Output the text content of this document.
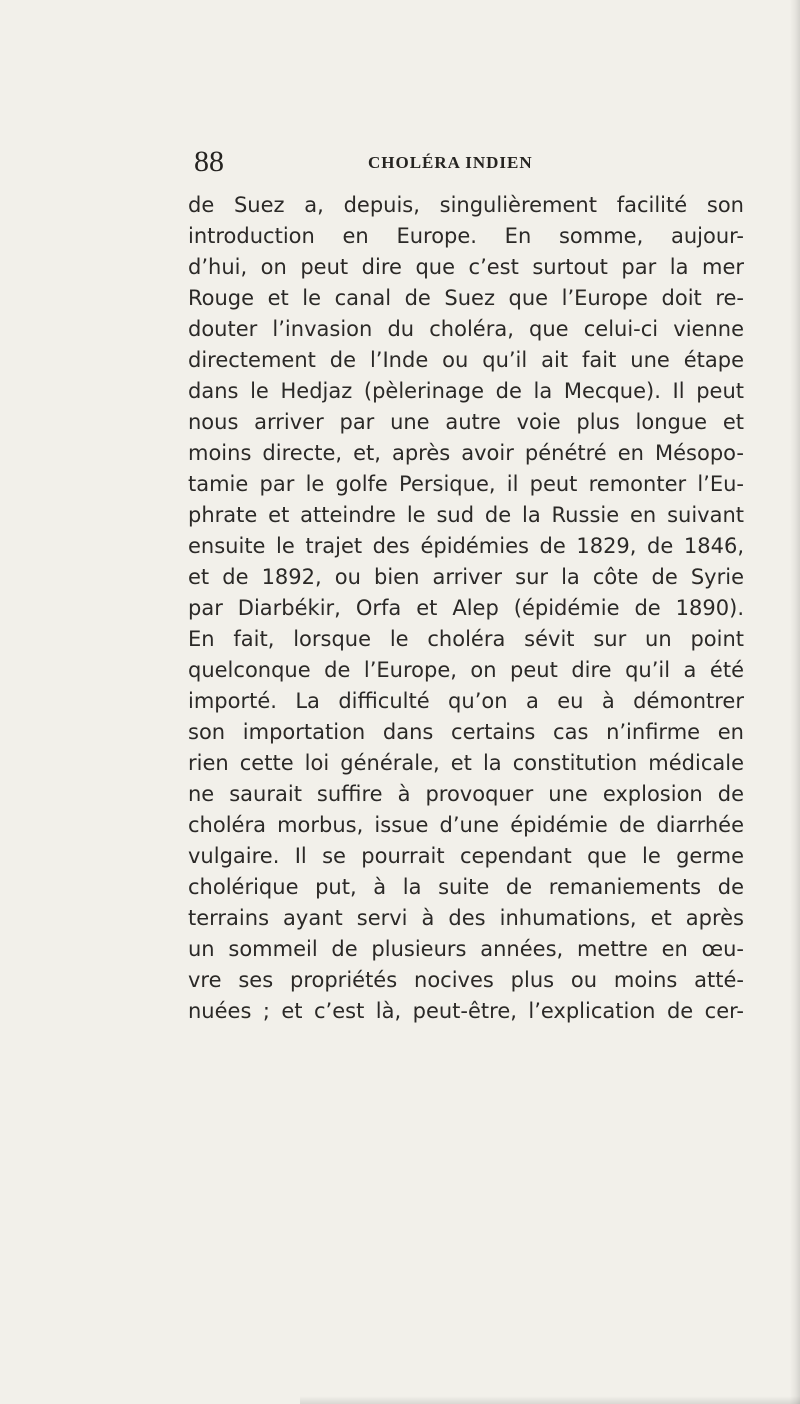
88	CHOLÉRA INDIEN
de Suez a, depuis, singulièrement facilité son
introduction en Europe. En somme, aujour-
d’hui, on peut dire que c’est surtout par la mer
Rouge et le canal de Suez que l’Europe doit re-
douter l’invasion du choléra, que celui-ci vienne
directement de l’Inde ou qu’il ait fait une étape
dans le Hedjaz (pèlerinage de la Mecque). Il peut
nous arriver par une autre voie plus longue et
moins directe, et, après avoir pénétré en Mésopo-
tamie par le golfe Persique, il peut remonter l’Eu-
phrate et atteindre le sud de la Russie en suivant
ensuite le trajet des épidémies de 1829, de 1846,
et de 1892, ou bien arriver sur la côte de Syrie
par Diarbékir, Orfa et Alep (épidémie de 1890).
En fait, lorsque le choléra sévit sur un point
quelconque de l’Europe, on peut dire qu’il a été
importé. La difficulté qu’on a eu à démontrer
son importation dans certains cas n’infirme en
rien cette loi générale, et la constitution médicale
ne saurait suffire à provoquer une explosion de
choléra morbus, issue d’une épidémie de diarrhée
vulgaire. Il se pourrait cependant que le germe
cholérique put, à la suite de remaniements de
terrains ayant servi à des inhumations, et après
un sommeil de plusieurs années, mettre en œu-
vre ses propriétés nocives plus ou moins atté-
nuées ; et c’est là, peut-être, l’explication de cer-
